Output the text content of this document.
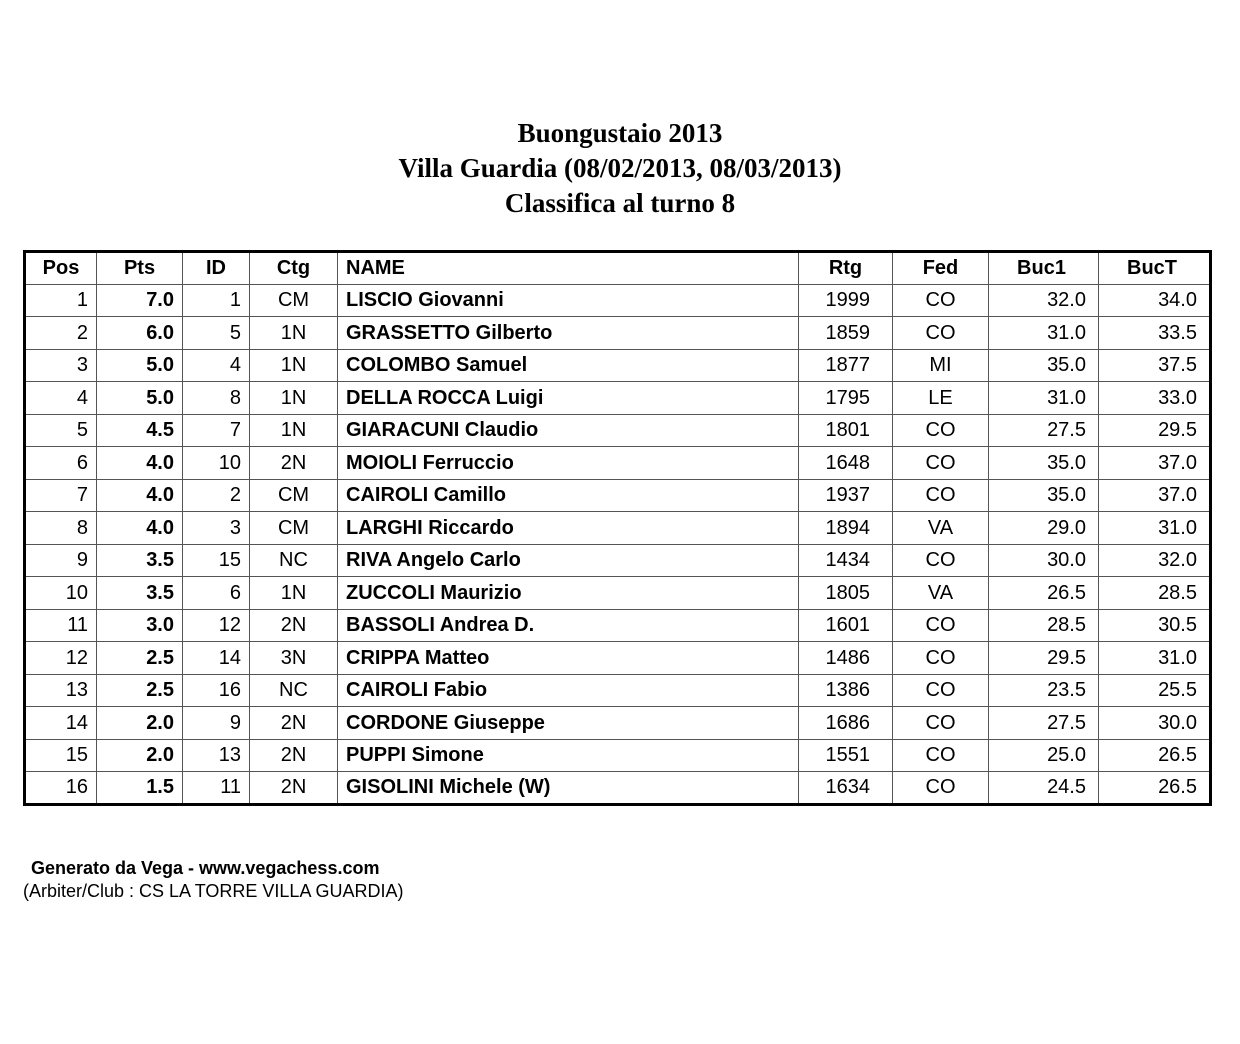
Buongustaio 2013
Villa Guardia (08/02/2013, 08/03/2013)
Classifica al turno 8
Pos	Pts	ID	Ctg	NAME	Rtg	Fed	Buc1	BucT
1	7.0	1	CM	LISCIO Giovanni	1999	CO	32.0	34.0
2	6.0	5	1N	GRASSETTO Gilberto	1859	CO	31.0	33.5
3	5.0	4	1N	COLOMBO Samuel	1877	MI	35.0	37.5
4	5.0	8	1N	DELLA ROCCA Luigi	1795	LE	31.0	33.0
5	4.5	7	1N	GIARACUNI Claudio	1801	CO	27.5	29.5
6	4.0	10	2N	MOIOLI Ferruccio	1648	CO	35.0	37.0
7	4.0	2	CM	CAIROLI Camillo	1937	CO	35.0	37.0
8	4.0	3	CM	LARGHI Riccardo	1894	VA	29.0	31.0
9	3.5	15	NC	RIVA Angelo Carlo	1434	CO	30.0	32.0
10	3.5	6	1N	ZUCCOLI Maurizio	1805	VA	26.5	28.5
11	3.0	12	2N	BASSOLI Andrea D.	1601	CO	28.5	30.5
12	2.5	14	3N	CRIPPA Matteo	1486	CO	29.5	31.0
13	2.5	16	NC	CAIROLI Fabio	1386	CO	23.5	25.5
14	2.0	9	2N	CORDONE Giuseppe	1686	CO	27.5	30.0
15	2.0	13	2N	PUPPI Simone	1551	CO	25.0	26.5
16	1.5	11	2N	GISOLINI Michele (W)	1634	CO	24.5	26.5
Generato da Vega - www.vegachess.com
(Arbiter/Club : CS LA TORRE VILLA GUARDIA)
